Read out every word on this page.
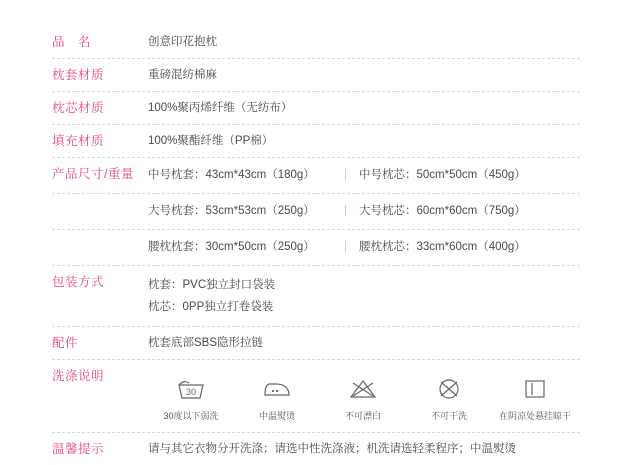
品　名	创意印花抱枕
枕套材质	重磅混纺棉麻
枕芯材质	100%聚丙烯纤维（无纺布）
填充材质	100%聚酯纤维（PP棉）
产品尺寸/重量	中号枕套：43cm*43cm（180g）	|	中号枕芯：50cm*50cm（450g）
大号枕套：53cm*53cm（250g）	|	大号枕芯：60cm*60cm（750g）
腰枕枕套：30cm*50cm（250g）	|	腰枕枕芯：33cm*60cm（400g）
包装方式	枕套：PVC独立封口袋装
枕芯：0PP独立打卷袋装
配件	枕套底部SBS隐形拉链
洗涤说明
30
30度以下弱洗	中温熨烫	不可漂白	不可干洗	在阴凉处悬挂晾干
温馨提示	请与其它衣物分开洗涤；请选中性洗涤液；机洗请选轻柔程序；中温熨烫
